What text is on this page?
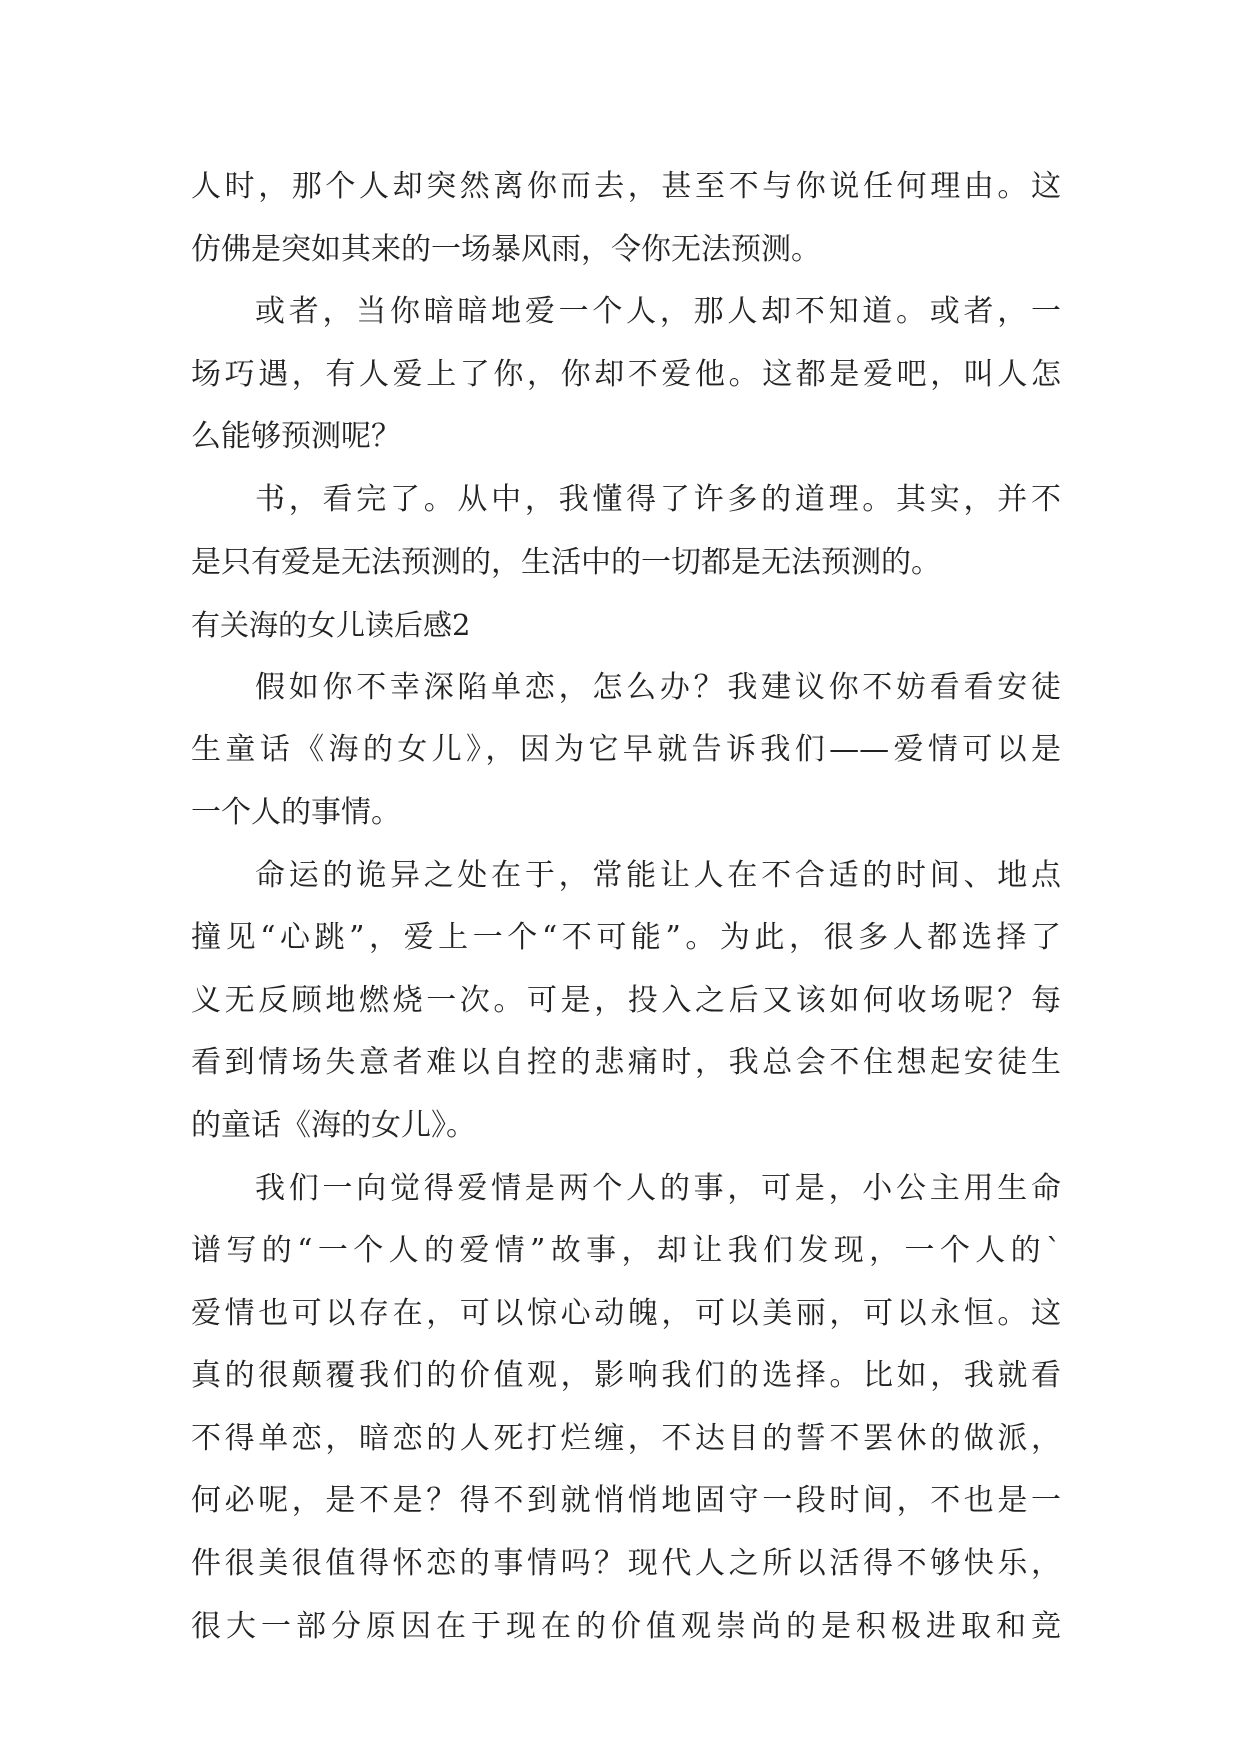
人时，那个人却突然离你而去，甚至不与你说任何理由。这
仿佛是突如其来的一场暴风雨，令你无法预测。
或者，当你暗暗地爱一个人，那人却不知道。或者，一
场巧遇，有人爱上了你，你却不爱他。这都是爱吧，叫人怎
么能够预测呢？
书，看完了。从中，我懂得了许多的道理。其实，并不
是只有爱是无法预测的，生活中的一切都是无法预测的。
有关海的女儿读后感2
假如你不幸深陷单恋，怎么办？我建议你不妨看看安徒
生童话《海的女儿》，因为它早就告诉我们——爱情可以是
一个人的事情。
命运的诡异之处在于，常能让人在不合适的时间、地点
撞见“心跳”，爱上一个“不可能”。为此，很多人都选择了
义无反顾地燃烧一次。可是，投入之后又该如何收场呢？每
看到情场失意者难以自控的悲痛时，我总会不住想起安徒生
的童话《海的女儿》。
我们一向觉得爱情是两个人的事，可是，小公主用生命
谱写的“一个人的爱情”故事，却让我们发现，一个人的`
爱情也可以存在，可以惊心动魄，可以美丽，可以永恒。这
真的很颠覆我们的价值观，影响我们的选择。比如，我就看
不得单恋，暗恋的人死打烂缠，不达目的誓不罢休的做派，
何必呢，是不是？得不到就悄悄地固守一段时间，不也是一
件很美很值得怀恋的事情吗？现代人之所以活得不够快乐，
很大一部分原因在于现在的价值观崇尚的是积极进取和竞
